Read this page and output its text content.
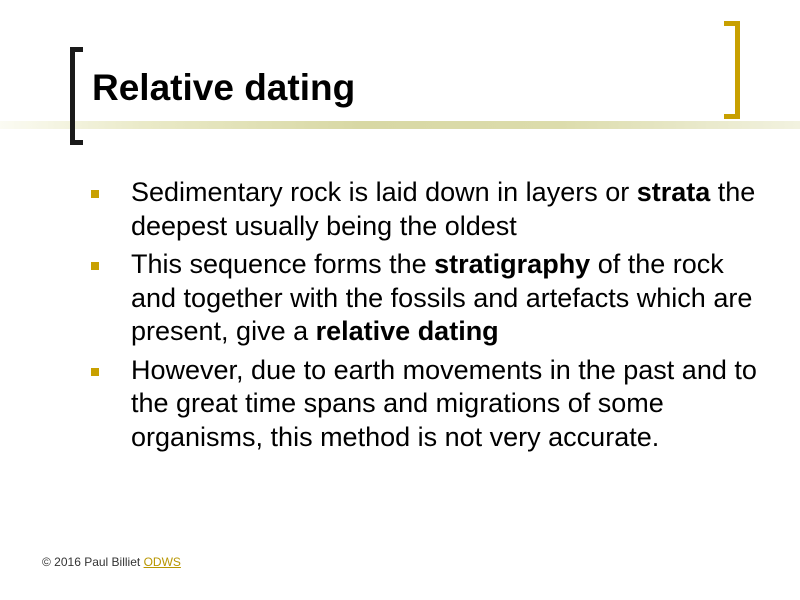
Relative dating
Sedimentary rock is laid down in layers or strata the deepest usually being the oldest
This sequence forms the stratigraphy of the rock and together with the fossils and artefacts which are present, give a relative dating
However, due to earth movements in the past and to the great time spans and migrations of some organisms, this method is not very accurate.
© 2016 Paul Billiet ODWS
